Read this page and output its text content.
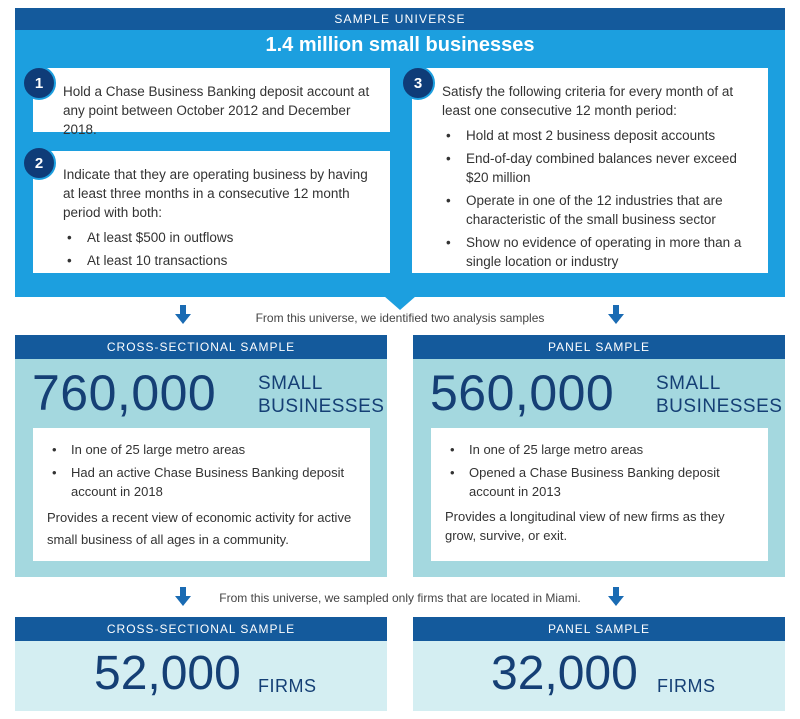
SAMPLE UNIVERSE
1.4 million small businesses
Hold a Chase Business Banking deposit account at any point between October 2012 and December 2018.
1
Indicate that they are operating business by having at least three months in a consecutive 12 month period with both:
• At least $500 in outflows
• At least 10 transactions
2
Satisfy the following criteria for every month of at least one consecutive 12 month period:
• Hold at most 2 business deposit accounts
• End-of-day combined balances never exceed $20 million
• Operate in one of the 12 industries that are characteristic of the small business sector
• Show no evidence of operating in more than a single location or industry
3
From this universe, we identified two analysis samples
CROSS-SECTIONAL SAMPLE
760,000 SMALL
BUSINESSES
• In one of 25 large metro areas
• Had an active Chase Business Banking deposit account in 2018
Provides a recent view of economic activity for active small business of all ages in a community.
PANEL SAMPLE
560,000 SMALL
BUSINESSES
• In one of 25 large metro areas
• Opened a Chase Business Banking deposit account in 2013
Provides a longitudinal view of new firms as they grow, survive, or exit.
From this universe, we sampled only firms that are located in Miami.
CROSS-SECTIONAL SAMPLE
52,000 FIRMS
PANEL SAMPLE
32,000 FIRMS
